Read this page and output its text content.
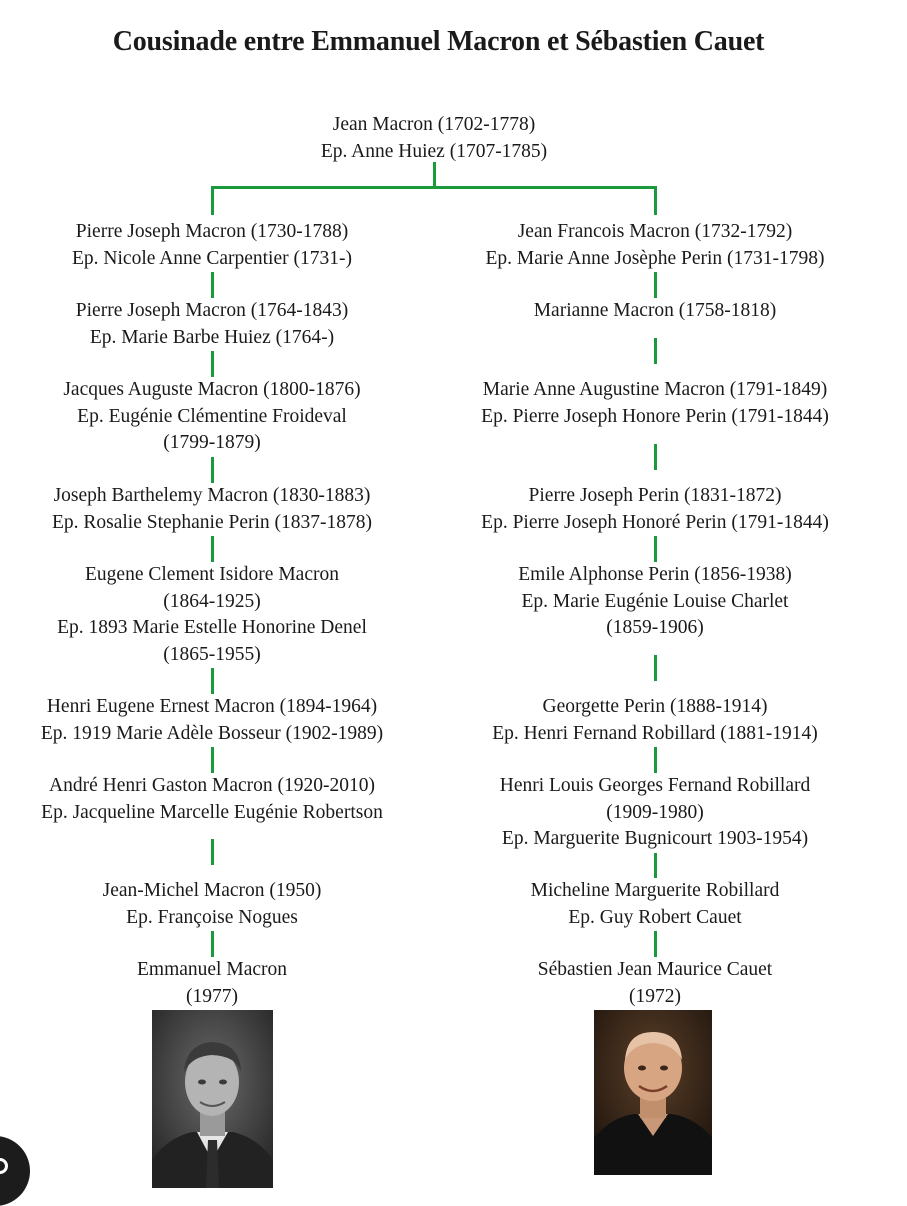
Cousinade entre Emmanuel Macron et Sébastien Cauet
Jean Macron (1702-1778)
Ep. Anne Huiez (1707-1785)
Pierre Joseph Macron (1730-1788)
Ep. Nicole Anne Carpentier (1731-)
Pierre Joseph Macron (1764-1843)
Ep. Marie Barbe Huiez (1764-)
Jacques Auguste Macron (1800-1876)
Ep. Eugénie Clémentine Froideval
(1799-1879)
Joseph Barthelemy Macron (1830-1883)
Ep. Rosalie Stephanie Perin (1837-1878)
Eugene Clement Isidore Macron
(1864-1925)
Ep. 1893 Marie Estelle Honorine Denel
(1865-1955)
Henri Eugene Ernest Macron (1894-1964)
Ep. 1919 Marie Adèle Bosseur (1902-1989)
André Henri Gaston Macron (1920-2010)
Ep. Jacqueline Marcelle Eugénie Robertson
Jean-Michel Macron (1950)
Ep. Françoise Nogues
Emmanuel Macron
(1977)
Jean Francois Macron (1732-1792)
Ep. Marie Anne Josèphe Perin (1731-1798)
Marianne Macron (1758-1818)
Marie Anne Augustine Macron (1791-1849)
Ep. Pierre Joseph Honore Perin (1791-1844)
Pierre Joseph Perin (1831-1872)
Ep. Pierre Joseph Honoré Perin (1791-1844)
Emile Alphonse Perin (1856-1938)
Ep. Marie Eugénie Louise Charlet
(1859-1906)
Georgette Perin (1888-1914)
Ep. Henri Fernand Robillard (1881-1914)
Henri Louis Georges Fernand Robillard
(1909-1980)
Ep. Marguerite Bugnicourt 1903-1954)
Micheline Marguerite Robillard
Ep. Guy Robert Cauet
Sébastien Jean Maurice Cauet
(1972)
